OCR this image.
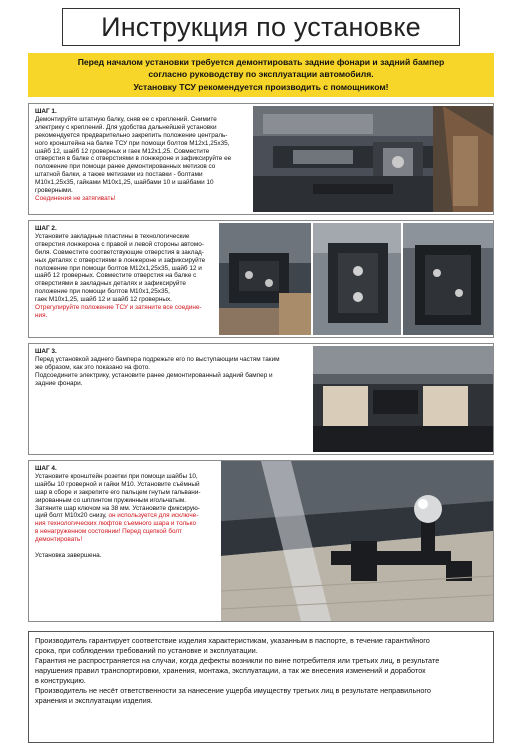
Инструкция по установке
Перед началом установки требуется демонтировать задние фонари и задний бампер
согласно руководству по эксплуатации автомобиля.
Установку ТСУ рекомендуется производить с помощником!
ШАГ 1.
Демонтируйте штатную балку, сняв ее с креплений. Снимите
электрику с креплений. Для удобства дальнейшей установки
рекомендуется предварительно закрепить положение централь-
ного кронштейна на балке ТСУ при помощи болтов М12х1,25х35,
шайб 12, шайб 12 гроверных и гаек М12х1,25. Совместите
отверстия в балке с отверстиями в лонжероне и зафиксируйте ее
положение при помощи ранее демонтированных метизов со
штатной балки, а также метизами из поставки - болтами
М10х1,25х35, гайками М10х1,25, шайбами 10 и шайбами 10
гроверными.
Соединения не затягивать!
ШАГ 2.
Установите закладные пластины в технологические
отверстия лонжерона с правой и левой стороны автомо-
биля. Совместите соответствующие отверстия в заклад-
ных деталях с отверстиями в лонжероне и зафиксируйте
положение при помощи болтов М12х1,25х35, шайб 12 и
шайб 12 гроверных. Совместите отверстия на балке с
отверстиями в закладных деталях и зафиксируйте
положение при помощи болтов М10х1,25х35,
гаек М10х1,25, шайб 12 и шайб 12 гроверных.
Отрегулируйте положение ТСУ и затяните все соедине-
ния.
ШАГ 3.
Перед установкой заднего бампера подрежьте его по выступающим частям таким
же образом, как это показано на фото.
Подсоедините электрику, установите ранее демонтированный задний бампер и
задние фонари.
ШАГ 4.
Установите кронштейн розетки при помощи шайбы 10,
шайбы 10 гроверной и гайки М10. Установите съёмный
шар в сборе и закрепите его пальцем гнутым гальвани-
зированным со шплинтом пружинным игольчатым.
Затяните шар ключом на 38 мм. Установите фиксирую-
щий болт М10х20 снизу, он используется для исключе-
ния технологических люфтов съемного шара и только
в ненагруженном состоянии! Перед сцепкой болт
демонтировать!
Установка завершена.
Производитель гарантирует соответствие изделия характеристикам, указанным в паспорте, в течение гарантийного
срока, при соблюдении требований по установке и эксплуатации.
Гарантия не распространяется на случаи, когда дефекты возникли по вине потребителя или третьих лиц, в результате
нарушения правил транспортировки, хранения, монтажа, эксплуатации, а так же внесения изменений и доработок
в конструкцию.
Производитель не несёт ответственности за нанесение ущерба имуществу третьих лиц в результате неправильного
хранения и эксплуатации изделия.
